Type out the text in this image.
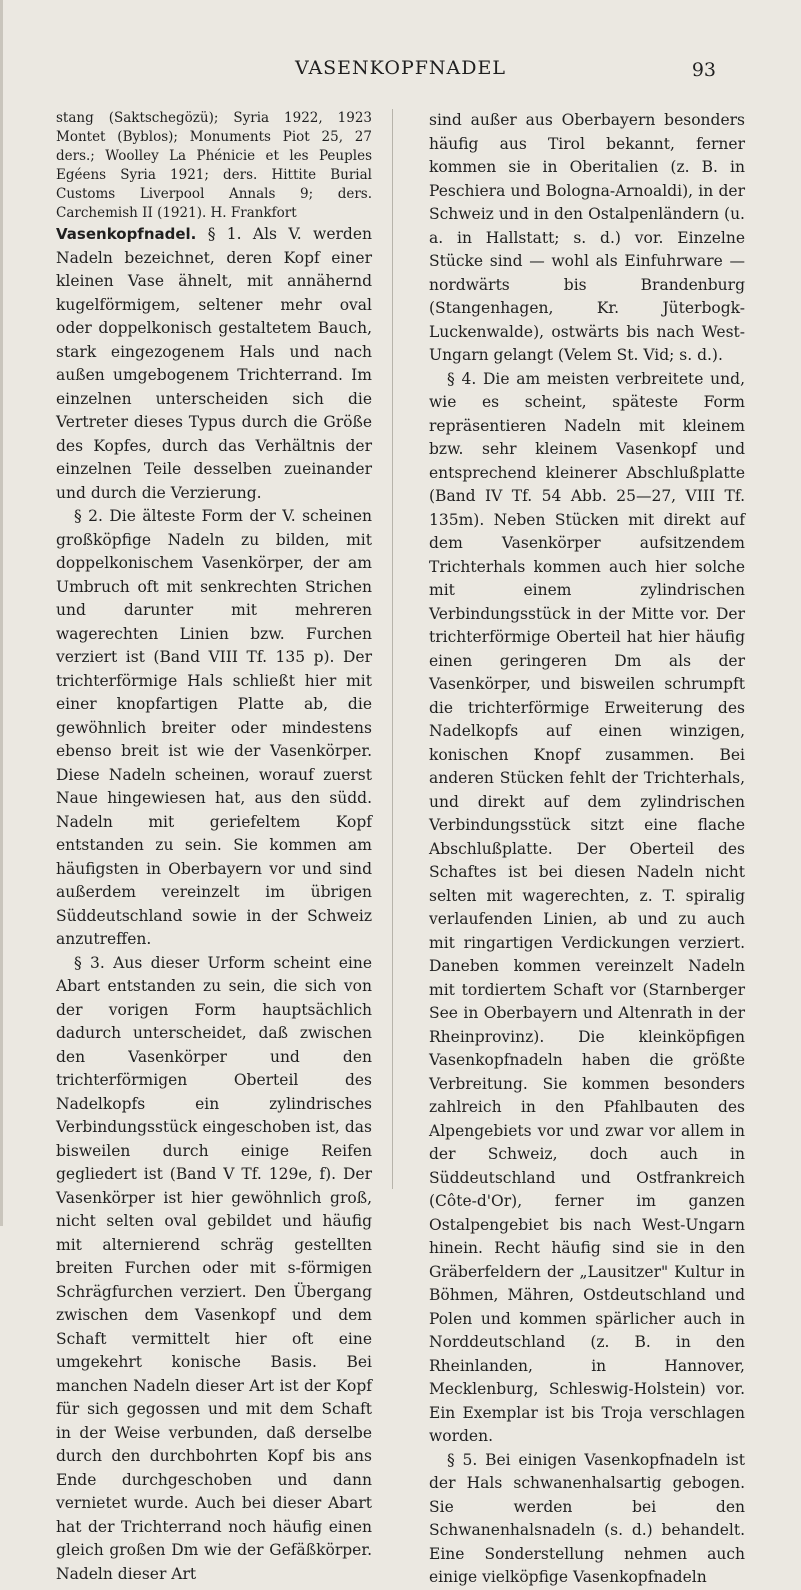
VASENKOPFNADEL	93

stang (Saktschegözü); Syria 1922, 1923 Montet (Byblos); Monuments Piot 25, 27 ders.; Woolley La Phénicie et les Peuples Egéens Syria 1921; ders. Hittite Burial Customs Liverpool Annals 9; ders. Carchemish II (1921). H. Frankfort

Vasenkopfnadel. § 1. Als V. werden Nadeln bezeichnet, deren Kopf einer kleinen Vase ähnelt, mit annähernd kugelförmigem, seltener mehr oval oder doppelkonisch gestaltetem Bauch, stark eingezogenem Hals und nach außen umgebogenem Trichterrand. Im einzelnen unterscheiden sich die Vertreter dieses Typus durch die Größe des Kopfes, durch das Verhältnis der einzelnen Teile desselben zueinander und durch die Verzierung.

§ 2. Die älteste Form der V. scheinen großköpfige Nadeln zu bilden, mit doppelkonischem Vasenkörper, der am Umbruch oft mit senkrechten Strichen und darunter mit mehreren wagerechten Linien bzw. Furchen verziert ist (Band VIII Tf. 135 p). Der trichterförmige Hals schließt hier mit einer knopfartigen Platte ab, die gewöhnlich breiter oder mindestens ebenso breit ist wie der Vasenkörper. Diese Nadeln scheinen, worauf zuerst Naue hingewiesen hat, aus den südd. Nadeln mit geriefeltem Kopf entstanden zu sein. Sie kommen am häufigsten in Oberbayern vor und sind außerdem vereinzelt im übrigen Süddeutschland sowie in der Schweiz anzutreffen.

§ 3. Aus dieser Urform scheint eine Abart entstanden zu sein, die sich von der vorigen Form hauptsächlich dadurch unterscheidet, daß zwischen den Vasenkörper und den trichterförmigen Oberteil des Nadelkopfs ein zylindrisches Verbindungsstück eingeschoben ist, das bisweilen durch einige Reifen gegliedert ist (Band V Tf. 129e, f). Der Vasenkörper ist hier gewöhnlich groß, nicht selten oval gebildet und häufig mit alternierend schräg gestellten breiten Furchen oder mit s-förmigen Schrägfurchen verziert. Den Übergang zwischen dem Vasenkopf und dem Schaft vermittelt hier oft eine umgekehrt konische Basis. Bei manchen Nadeln dieser Art ist der Kopf für sich gegossen und mit dem Schaft in der Weise verbunden, daß derselbe durch den durchbohrten Kopf bis ans Ende durchgeschoben und dann vernietet wurde. Auch bei dieser Abart hat der Trichterrand noch häufig einen gleich großen Dm wie der Gefäßkörper. Nadeln dieser Art

sind außer aus Oberbayern besonders häufig aus Tirol bekannt, ferner kommen sie in Oberitalien (z. B. in Peschiera und Bologna-Arnoaldi), in der Schweiz und in den Ostalpenländern (u. a. in Hallstatt; s. d.) vor. Einzelne Stücke sind — wohl als Einfuhrware — nordwärts bis Brandenburg (Stangenhagen, Kr. Jüterbogk-Luckenwalde), ostwärts bis nach West-Ungarn gelangt (Velem St. Vid; s. d.).

§ 4. Die am meisten verbreitete und, wie es scheint, späteste Form repräsentieren Nadeln mit kleinem bzw. sehr kleinem Vasenkopf und entsprechend kleinerer Abschlußplatte (Band IV Tf. 54 Abb. 25—27, VIII Tf. 135m). Neben Stücken mit direkt auf dem Vasenkörper aufsitzendem Trichterhals kommen auch hier solche mit einem zylindrischen Verbindungsstück in der Mitte vor. Der trichterförmige Oberteil hat hier häufig einen geringeren Dm als der Vasenkörper, und bisweilen schrumpft die trichterförmige Erweiterung des Nadelkopfs auf einen winzigen, konischen Knopf zusammen. Bei anderen Stücken fehlt der Trichterhals, und direkt auf dem zylindrischen Verbindungsstück sitzt eine flache Abschlußplatte. Der Oberteil des Schaftes ist bei diesen Nadeln nicht selten mit wagerechten, z. T. spiralig verlaufenden Linien, ab und zu auch mit ringartigen Verdickungen verziert. Daneben kommen vereinzelt Nadeln mit tordiertem Schaft vor (Starnberger See in Oberbayern und Altenrath in der Rheinprovinz). Die kleinköpfigen Vasenkopfnadeln haben die größte Verbreitung. Sie kommen besonders zahlreich in den Pfahlbauten des Alpengebiets vor und zwar vor allem in der Schweiz, doch auch in Süddeutschland und Ostfrankreich (Côte-d'Or), ferner im ganzen Ostalpengebiet bis nach West-Ungarn hinein. Recht häufig sind sie in den Gräberfeldern der „Lausitzer" Kultur in Böhmen, Mähren, Ostdeutschland und Polen und kommen spärlicher auch in Norddeutschland (z. B. in den Rheinlanden, in Hannover, Mecklenburg, Schleswig-Holstein) vor. Ein Exemplar ist bis Troja verschlagen worden.

§ 5. Bei einigen Vasenkopfnadeln ist der Hals schwanenhalsartig gebogen. Sie werden bei den Schwanenhalsnadeln (s. d.) behandelt. Eine Sonderstellung nehmen auch einige vielköpfige Vasenkopfnadeln
